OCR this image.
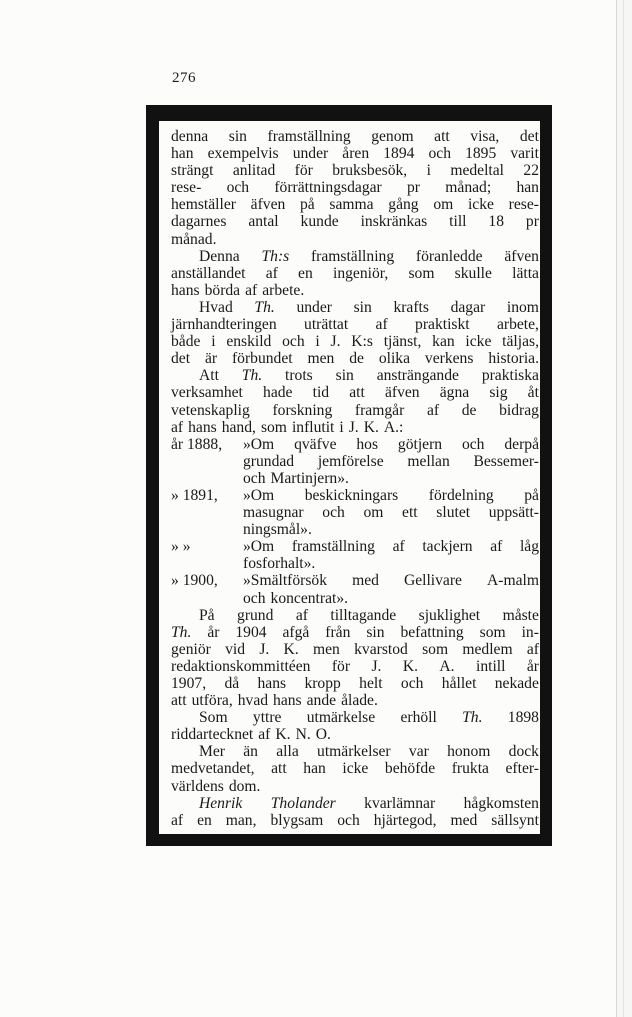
276
denna sin framställning genom att visa, det
han exempelvis under åren 1894 och 1895 varit
strängt anlitad för bruksbesök, i medeltal 22
rese- och förrättningsdagar pr månad; han
hemställer äfven på samma gång om icke rese-
dagarnes antal kunde inskränkas till 18 pr
månad.
Denna Th:s framställning föranledde äfven
anställandet af en ingeniör, som skulle lätta
hans börda af arbete.
Hvad Th. under sin krafts dagar inom
järnhandteringen uträttat af praktiskt arbete,
både i enskild och i J. K:s tjänst, kan icke täljas,
det är förbundet men de olika verkens historia.
Att Th. trots sin ansträngande praktiska
verksamhet hade tid att äfven ägna sig åt
vetenskaplig forskning framgår af de bidrag
af hans hand, som influtit i J. K. A.:
år 1888,	»Om qväfve hos götjern och derpå
grundad jemförelse mellan Bessemer-
och Martinjern».
» 1891,	»Om beskickningars fördelning på
masugnar och om ett slutet uppsätt-
ningsmål».
» »	»Om framställning af tackjern af låg
fosforhalt».
» 1900,	»Smältförsök med Gellivare A-malm
och koncentrat».
På grund af tilltagande sjuklighet måste
Th. år 1904 afgå från sin befattning som in-
geniör vid J. K. men kvarstod som medlem af
redaktionskommittéen för J. K. A. intill år
1907, då hans kropp helt och hållet nekade
att utföra, hvad hans ande ålade.
Som yttre utmärkelse erhöll Th. 1898
riddartecknet af K. N. O.
Mer än alla utmärkelser var honom dock
medvetandet, att han icke behöfde frukta efter-
världens dom.
Henrik Tholander kvarlämnar hågkomsten
af en man, blygsam och hjärtegod, med sällsynt
